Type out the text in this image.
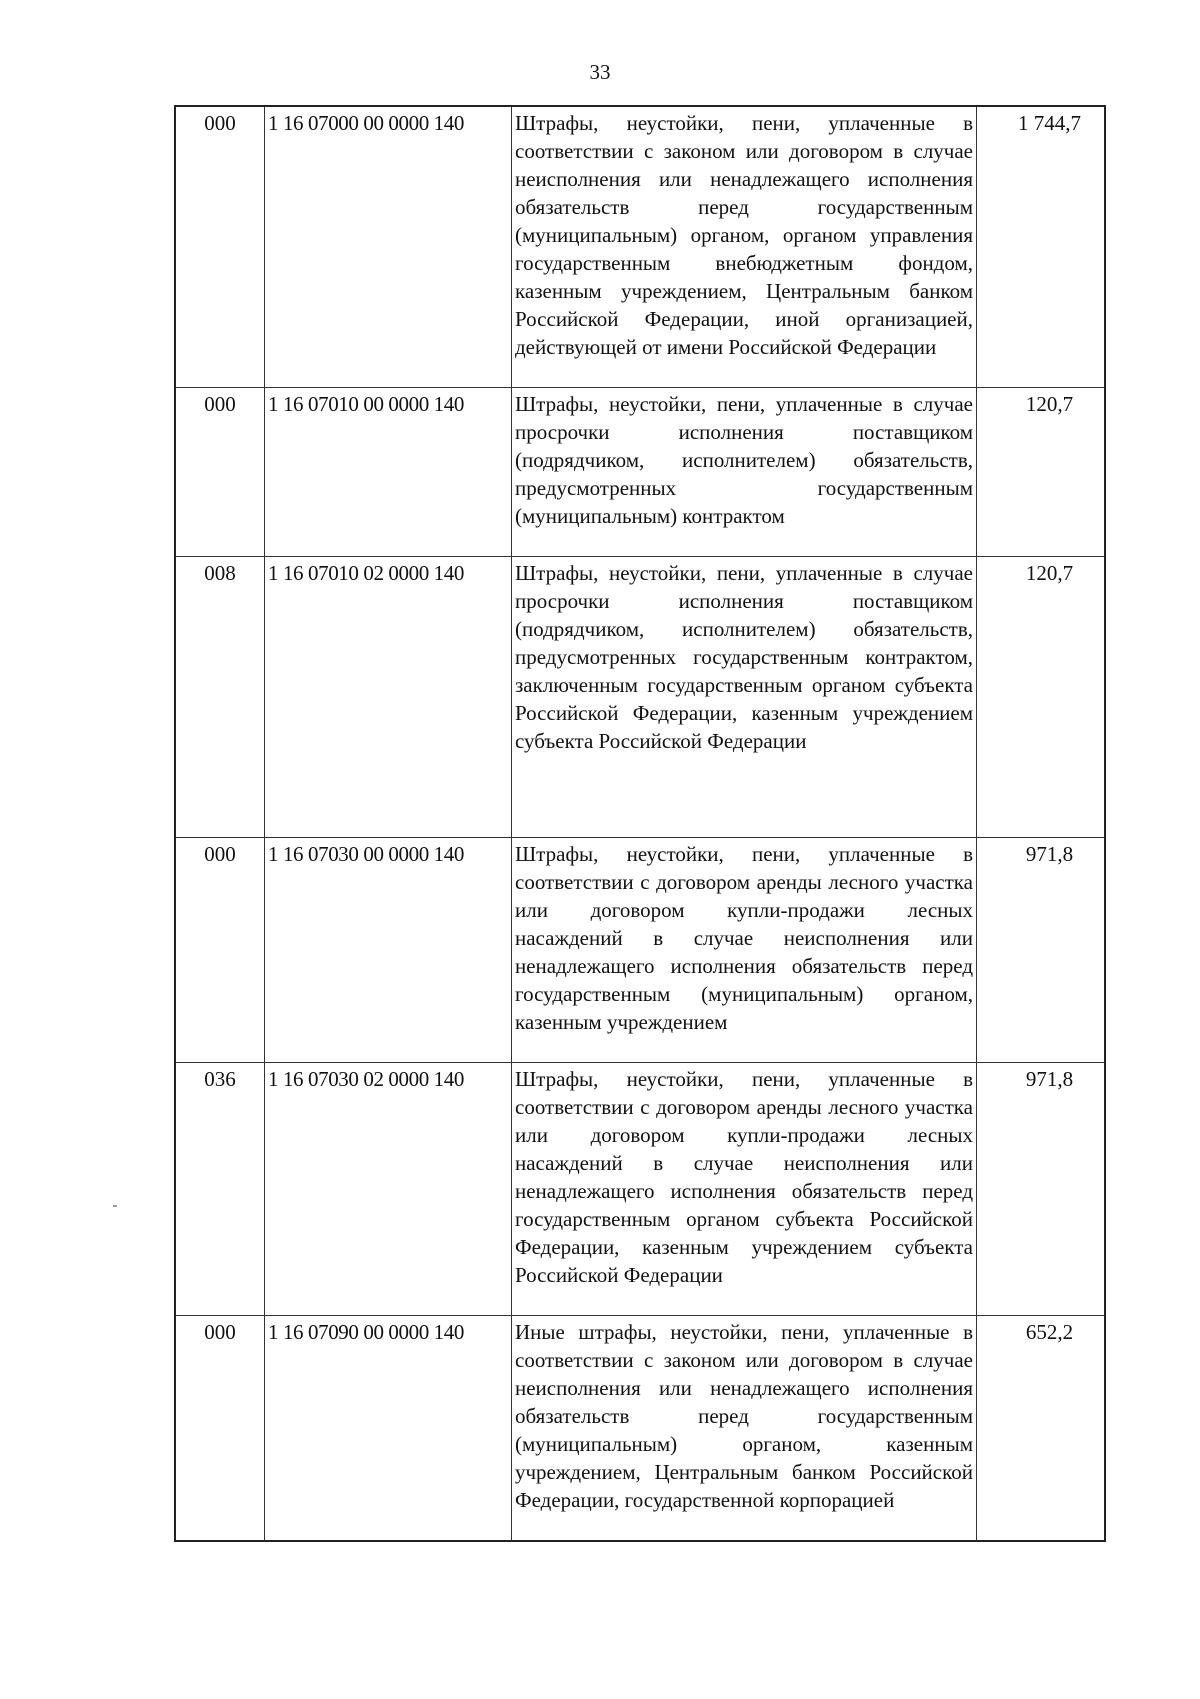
33
000	1 16 07000 00 0000 140	Штрафы, неустойки, пени, уплаченные в соответствии с законом или договором в случае неисполнения или ненадлежащего исполнения обязательств перед государственным (муниципальным) органом, органом управления государственным внебюджетным фондом, казенным учреждением, Центральным банком Российской Федерации, иной организацией, действующей от имени Российской Федерации	1 744,7
000	1 16 07010 00 0000 140	Штрафы, неустойки, пени, уплаченные в случае просрочки исполнения поставщиком (подрядчиком, исполнителем) обязательств, предусмотренных государственным (муниципальным) контрактом	120,7
008	1 16 07010 02 0000 140	Штрафы, неустойки, пени, уплаченные в случае просрочки исполнения поставщиком (подрядчиком, исполнителем) обязательств, предусмотренных государственным контрактом, заключенным государственным органом субъекта Российской Федерации, казенным учреждением субъекта Российской Федерации	120,7
000	1 16 07030 00 0000 140	Штрафы, неустойки, пени, уплаченные в соответствии с договором аренды лесного участка или договором купли-продажи лесных насаждений в случае неисполнения или ненадлежащего исполнения обязательств перед государственным (муниципальным) органом, казенным учреждением	971,8
036	1 16 07030 02 0000 140	Штрафы, неустойки, пени, уплаченные в соответствии с договором аренды лесного участка или договором купли-продажи лесных насаждений в случае неисполнения или ненадлежащего исполнения обязательств перед государственным органом субъекта Российской Федерации, казенным учреждением субъекта Российской Федерации	971,8
000	1 16 07090 00 0000 140	Иные штрафы, неустойки, пени, уплаченные в соответствии с законом или договором в случае неисполнения или ненадлежащего исполнения обязательств перед государственным (муниципальным) органом, казенным учреждением, Центральным банком Российской Федерации, государственной корпорацией	652,2
